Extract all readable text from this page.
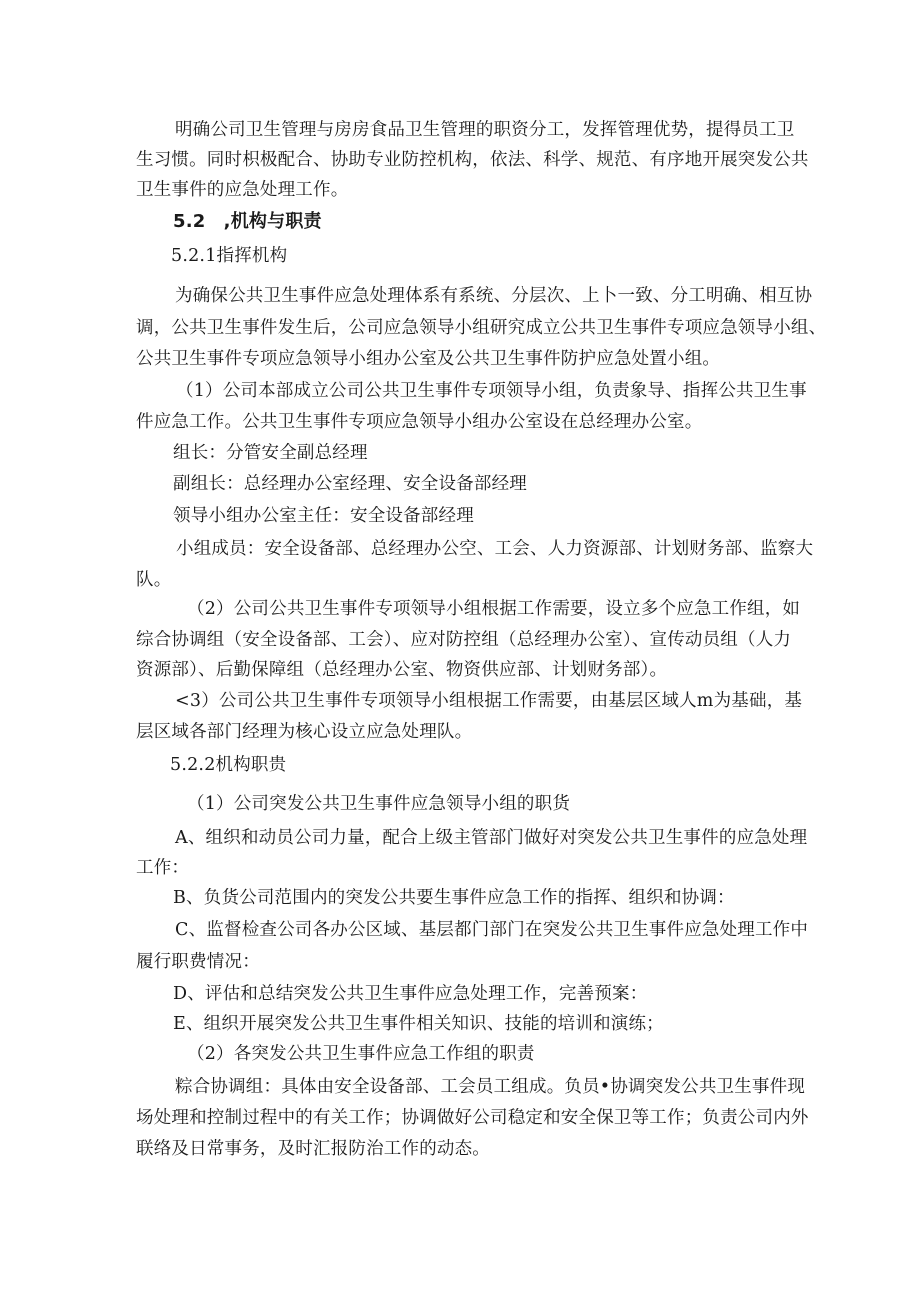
明确公司卫生管理与房房食品卫生管理的职资分工，发挥管理优势，提得员工卫
生习惯。同时枳极配合、协助专业防控机构，依法、科学、规范、有序地开展突发公共
卫生事件的应急处理工作。
5.2　,机构与职责
5.2.1指挥机构
为确保公共卫生事件应急处理体系有系统、分层次、上卜一致、分工明确、相互协
调，公共卫生事件发生后，公司应急领导小组研究成立公共卫生事件专项应急领导小组、
公共卫生事件专项应急领导小组办公室及公共卫生事件防护应急处置小组。
（1）公司本部成立公司公共卫生事件专项领导小组，负责象导、指挥公共卫生事
件应急工作。公共卫生事件专项应急领导小组办公室设在总经理办公室。
组长：分管安全副总经理
副组长：总经理办公室经理、安全设备部经理
领导小组办公室主任：安全设备部经理
小组成员：安全设备部、总经理办公空、工会、人力资源部、计划财务部、监察大
队。
（2）公司公共卫生事件专项领导小组根据工作需要，设立多个应急工作组，如
综合协调组（安全设备部、工会）、应对防控组（总经理办公室）、宣传动员组（人力
资源部）、后勤保障组（总经理办公室、物资供应部、计划财务部）。
<3）公司公共卫生事件专项领导小组根据工作需要，由基层区域人m为基础，基
层区域各部门经理为核心设立应急处理队。
5.2.2机构职贵
（1）公司突发公共卫生事件应急领导小组的职货
A、组织和动员公司力量，配合上级主管部门做好对突发公共卫生事件的应急处理
工作：
B、负货公司范围内的突发公共要生事件应急工作的指挥、组织和协调：
C、监督检查公司各办公区域、基层都门部门在突发公共卫生事件应急处理工作中
履行职费情况：
D、评估和总结突发公共卫生事件应急处理工作，完善预案：
E、组织开展突发公共卫生事件相关知识、技能的培训和演练；
（2）各突发公共卫生事件应急工作组的职责
粽合协调组：具体由安全设备部、工会员工组成。负员•协调突发公共卫生事件现
场处理和控制过程中的有关工作；协调做好公司稳定和安全保卫等工作；负责公司内外
联络及日常事务，及时汇报防治工作的动态。
